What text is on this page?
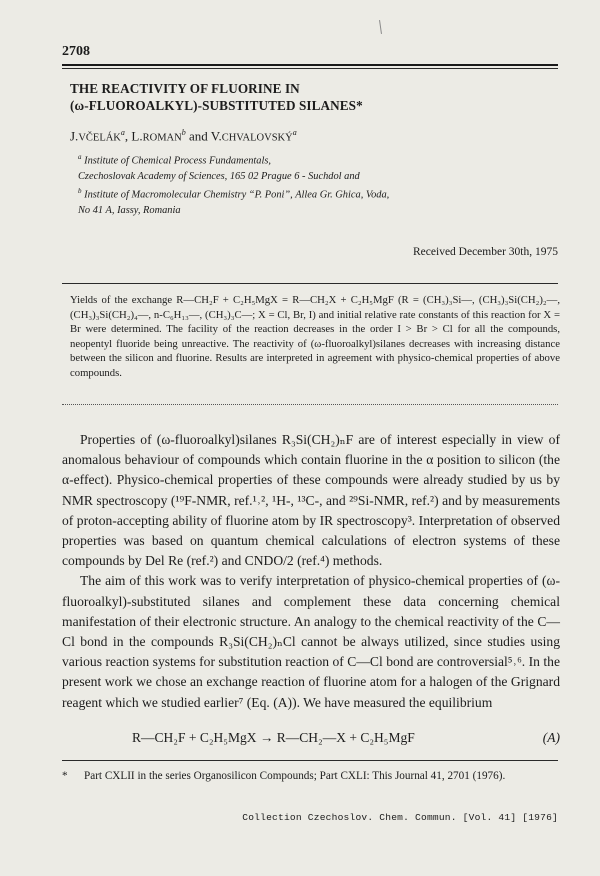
2708
THE REACTIVITY OF FLUORINE IN
(ω-FLUOROALKYL)-SUBSTITUTED SILANES*
J.VČELÁK$^a$, L.ROMAN$^b$ and V.CHVALOVSKÝ$^a$
$^a$ Institute of Chemical Process Fundamentals,
Czechoslovak Academy of Sciences, 165 02 Prague 6 - Suchdol and
$^b$ Institute of Macromolecular Chemistry “P. Poni”, Allea Gr. Ghica, Voda,
No 41 A, Iassy, Romania
Received December 30th, 1975
Yields of the exchange R—CH₂F + C₂H₅MgX = R—CH₂X + C₂H₅MgF (R = (CH₃)₃Si—, (CH₃)₃Si(CH₂)₂—, (CH₃)₃Si(CH₂)₄—, n-C₆H₁₃—, (CH₃)₃C—; X = Cl, Br, I) and initial relative rate constants of this reaction for X = Br were determined. The facility of the reaction decreases in the order I > Br > Cl for all the compounds, neopentyl fluoride being unreactive. The reactivity of (ω-fluoroalkyl)silanes decreases with increasing distance between the silicon and fluorine. Results are interpreted in agreement with physico-chemical properties of above compounds.

Properties of (ω-fluoroalkyl)silanes R₃Si(CH₂)ₙF are of interest especially in view of anomalous behaviour of compounds which contain fluorine in the α position to silicon (the α-effect). Physico-chemical properties of these compounds were already studied by us by NMR spectroscopy (¹⁹F-NMR, ref.¹˒², ¹H-, ¹³C-, and ²⁹Si-NMR, ref.²) and by measurements of proton-accepting ability of fluorine atom by IR spectroscopy³. Interpretation of observed properties was based on quantum chemical calculations of electron systems of these compounds by Del Re (ref.²) and CNDO/2 (ref.⁴) methods.

The aim of this work was to verify interpretation of physico-chemical properties of (ω-fluoroalkyl)-substituted silanes and complement these data concerning chemical manifestation of their electronic structure. An analogy to the chemical reactivity of the C—Cl bond in the compounds R₃Si(CH₂)ₙCl cannot be always utilized, since studies using various reaction systems for substitution reaction of C—Cl bond are controversial⁵˒⁶. In the present work we chose an exchange reaction of fluorine atom for a halogen of the Grignard reagent which we studied earlier⁷ (Eq. (A)). We have measured the equilibrium

R—CH₂F + C₂H₅MgX → R—CH₂—X + C₂H₅MgF	(A)
* Part CXLII in the series Organosilicon Compounds; Part CXLI: This Journal 41, 2701 (1976).
Collection Czechoslov. Chem. Commun. [Vol. 41] [1976]
